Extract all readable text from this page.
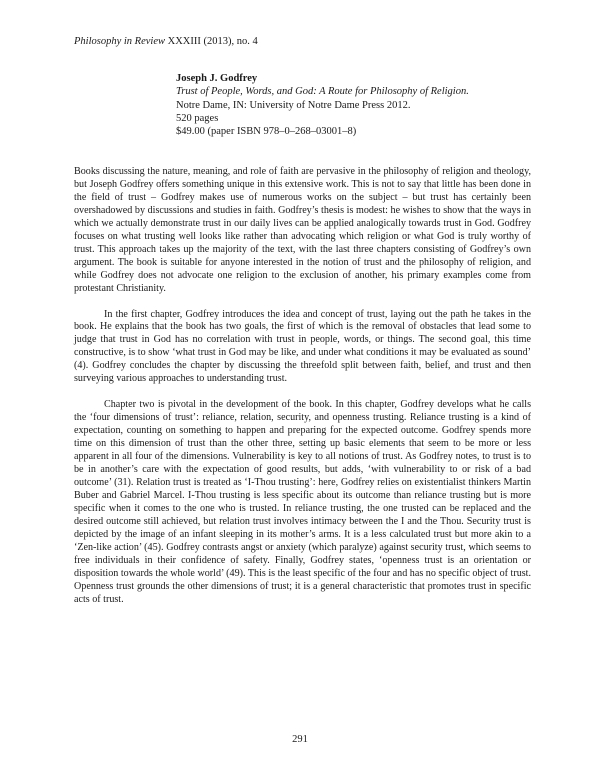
Philosophy in Review XXXIII (2013), no. 4
Joseph J. Godfrey
Trust of People, Words, and God: A Route for Philosophy of Religion.
Notre Dame, IN: University of Notre Dame Press 2012.
520 pages
$49.00 (paper ISBN 978–0–268–03001–8)

Books discussing the nature, meaning, and role of faith are pervasive in the philosophy of religion and theology, but Joseph Godfrey offers something unique in this extensive work. This is not to say that little has been done in the field of trust – Godfrey makes use of numerous works on the subject – but trust has certainly been overshadowed by discussions and studies in faith. Godfrey’s thesis is modest: he wishes to show that the ways in which we actually demonstrate trust in our daily lives can be applied analogically towards trust in God. Godfrey focuses on what trusting well looks like rather than advocating which religion or what God is truly worthy of trust. This approach takes up the majority of the text, with the last three chapters consisting of Godfrey’s own argument. The book is suitable for anyone interested in the notion of trust and the philosophy of religion, and while Godfrey does not advocate one religion to the exclusion of another, his primary examples come from protestant Christianity.

In the first chapter, Godfrey introduces the idea and concept of trust, laying out the path he takes in the book. He explains that the book has two goals, the first of which is the removal of obstacles that lead some to judge that trust in God has no correlation with trust in people, words, or things. The second goal, this time constructive, is to show ‘what trust in God may be like, and under what conditions it may be evaluated as sound’ (4). Godfrey concludes the chapter by discussing the threefold split between faith, belief, and trust and then surveying various approaches to understanding trust.

Chapter two is pivotal in the development of the book. In this chapter, Godfrey develops what he calls the ‘four dimensions of trust’: reliance, relation, security, and openness trusting. Reliance trusting is a kind of expectation, counting on something to happen and preparing for the expected outcome. Godfrey spends more time on this dimension of trust than the other three, setting up basic elements that seem to be more or less apparent in all four of the dimensions. Vulnerability is key to all notions of trust. As Godfrey notes, to trust is to be in another’s care with the expectation of good results, but adds, ‘with vulnerability to or risk of a bad outcome’ (31). Relation trust is treated as ‘I-Thou trusting’: here, Godfrey relies on existentialist thinkers Martin Buber and Gabriel Marcel. I-Thou trusting is less specific about its outcome than reliance trusting but is more specific when it comes to the one who is trusted. In reliance trusting, the one trusted can be replaced and the desired outcome still achieved, but relation trust involves intimacy between the I and the Thou. Security trust is depicted by the image of an infant sleeping in its mother’s arms. It is a less calculated trust but more akin to a ‘Zen-like action’ (45). Godfrey contrasts angst or anxiety (which paralyze) against security trust, which seems to free individuals in their confidence of safety. Finally, Godfrey states, ‘openness trust is an orientation or disposition towards the whole world’ (49). This is the least specific of the four and has no specific object of trust. Openness trust grounds the other dimensions of trust; it is a general characteristic that promotes trust in specific acts of trust.

291
